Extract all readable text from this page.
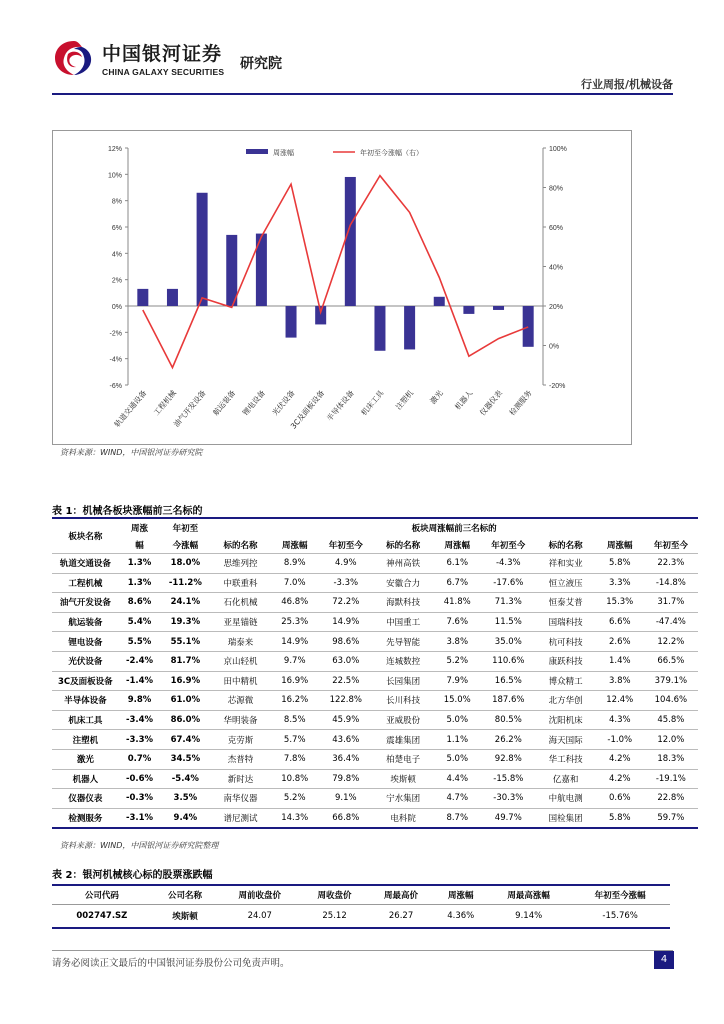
中国银河证券
CHINA GALAXY SECURITIES 研究院
行业周报/机械设备
12%
10%
8%
6%
4%
2%
0%
-2%
-4%
-6%
100%
80%
60%
40%
20%
0%
-20%
轨道交通设备 工程机械
油气开发设备 航运装备 锂电设备 光伏设备
3C及面板设备
半导体设备 机床工具 注塑机 激光 机器人 仪器仪表 检测服务
周涨幅	年初至今涨幅（右）
资料来源：WIND，中国银河证券研究院
表 1：机械各板块涨幅前三名标的
板块名称	周涨	年初至	板块周涨幅前三名标的								
	幅	今涨幅	标的名称	周涨幅	年初至今	标的名称	周涨幅	年初至今	标的名称	周涨幅	年初至今
轨道交通设备	1.3%	18.0%	思维列控	8.9%	4.9%	神州高铁	6.1%	-4.3%	祥和实业	5.8%	22.3%
工程机械	1.3%	-11.2%	中联重科	7.0%	-3.3%	安徽合力	6.7%	-17.6%	恒立液压	3.3%	-14.8%
油气开发设备	8.6%	24.1%	石化机械	46.8%	72.2%	海默科技	41.8%	71.3%	恒泰艾普	15.3%	31.7%
航运装备	5.4%	19.3%	亚星锚链	25.3%	14.9%	中国重工	7.6%	11.5%	国瑞科技	6.6%	-47.4%
锂电设备	5.5%	55.1%	瑞泰来	14.9%	98.6%	先导智能	3.8%	35.0%	杭可科技	2.6%	12.2%
光伏设备	-2.4%	81.7%	京山轻机	9.7%	63.0%	连城数控	5.2%	110.6%	康跃科技	1.4%	66.5%
3C及面板设备	-1.4%	16.9%	田中精机	16.9%	22.5%	长园集团	7.9%	16.5%	博众精工	3.8%	379.1%
半导体设备	9.8%	61.0%	芯源微	16.2%	122.8%	长川科技	15.0%	187.6%	北方华创	12.4%	104.6%
机床工具	-3.4%	86.0%	华明装备	8.5%	45.9%	亚威股份	5.0%	80.5%	沈阳机床	4.3%	45.8%
注塑机	-3.3%	67.4%	克劳斯	5.7%	43.6%	震雄集团	1.1%	26.2%	海天国际	-1.0%	12.0%
激光	0.7%	34.5%	杰普特	7.8%	36.4%	柏楚电子	5.0%	92.8%	华工科技	4.2%	18.3%
机器人	-0.6%	-5.4%	新时达	10.8%	79.8%	埃斯顿	4.4%	-15.8%	亿嘉和	4.2%	-19.1%
仪器仪表	-0.3%	3.5%	南华仪器	5.2%	9.1%	宁水集团	4.7%	-30.3%	中航电测	0.6%	22.8%
检测服务	-3.1%	9.4%	谱尼测试	14.3%	66.8%	电科院	8.7%	49.7%	国检集团	5.8%	59.7%
资料来源：WIND，中国银河证券研究院整理
表 2：银河机械核心标的股票涨跌幅
公司代码	公司名称	周前收盘价	周收盘价	周最高价	周涨幅	周最高涨幅	年初至今涨幅
002747.SZ	埃斯顿	24.07	25.12	26.27	4.36%	9.14%	-15.76%
请务必阅读正文最后的中国银河证券股份公司免责声明。	4
